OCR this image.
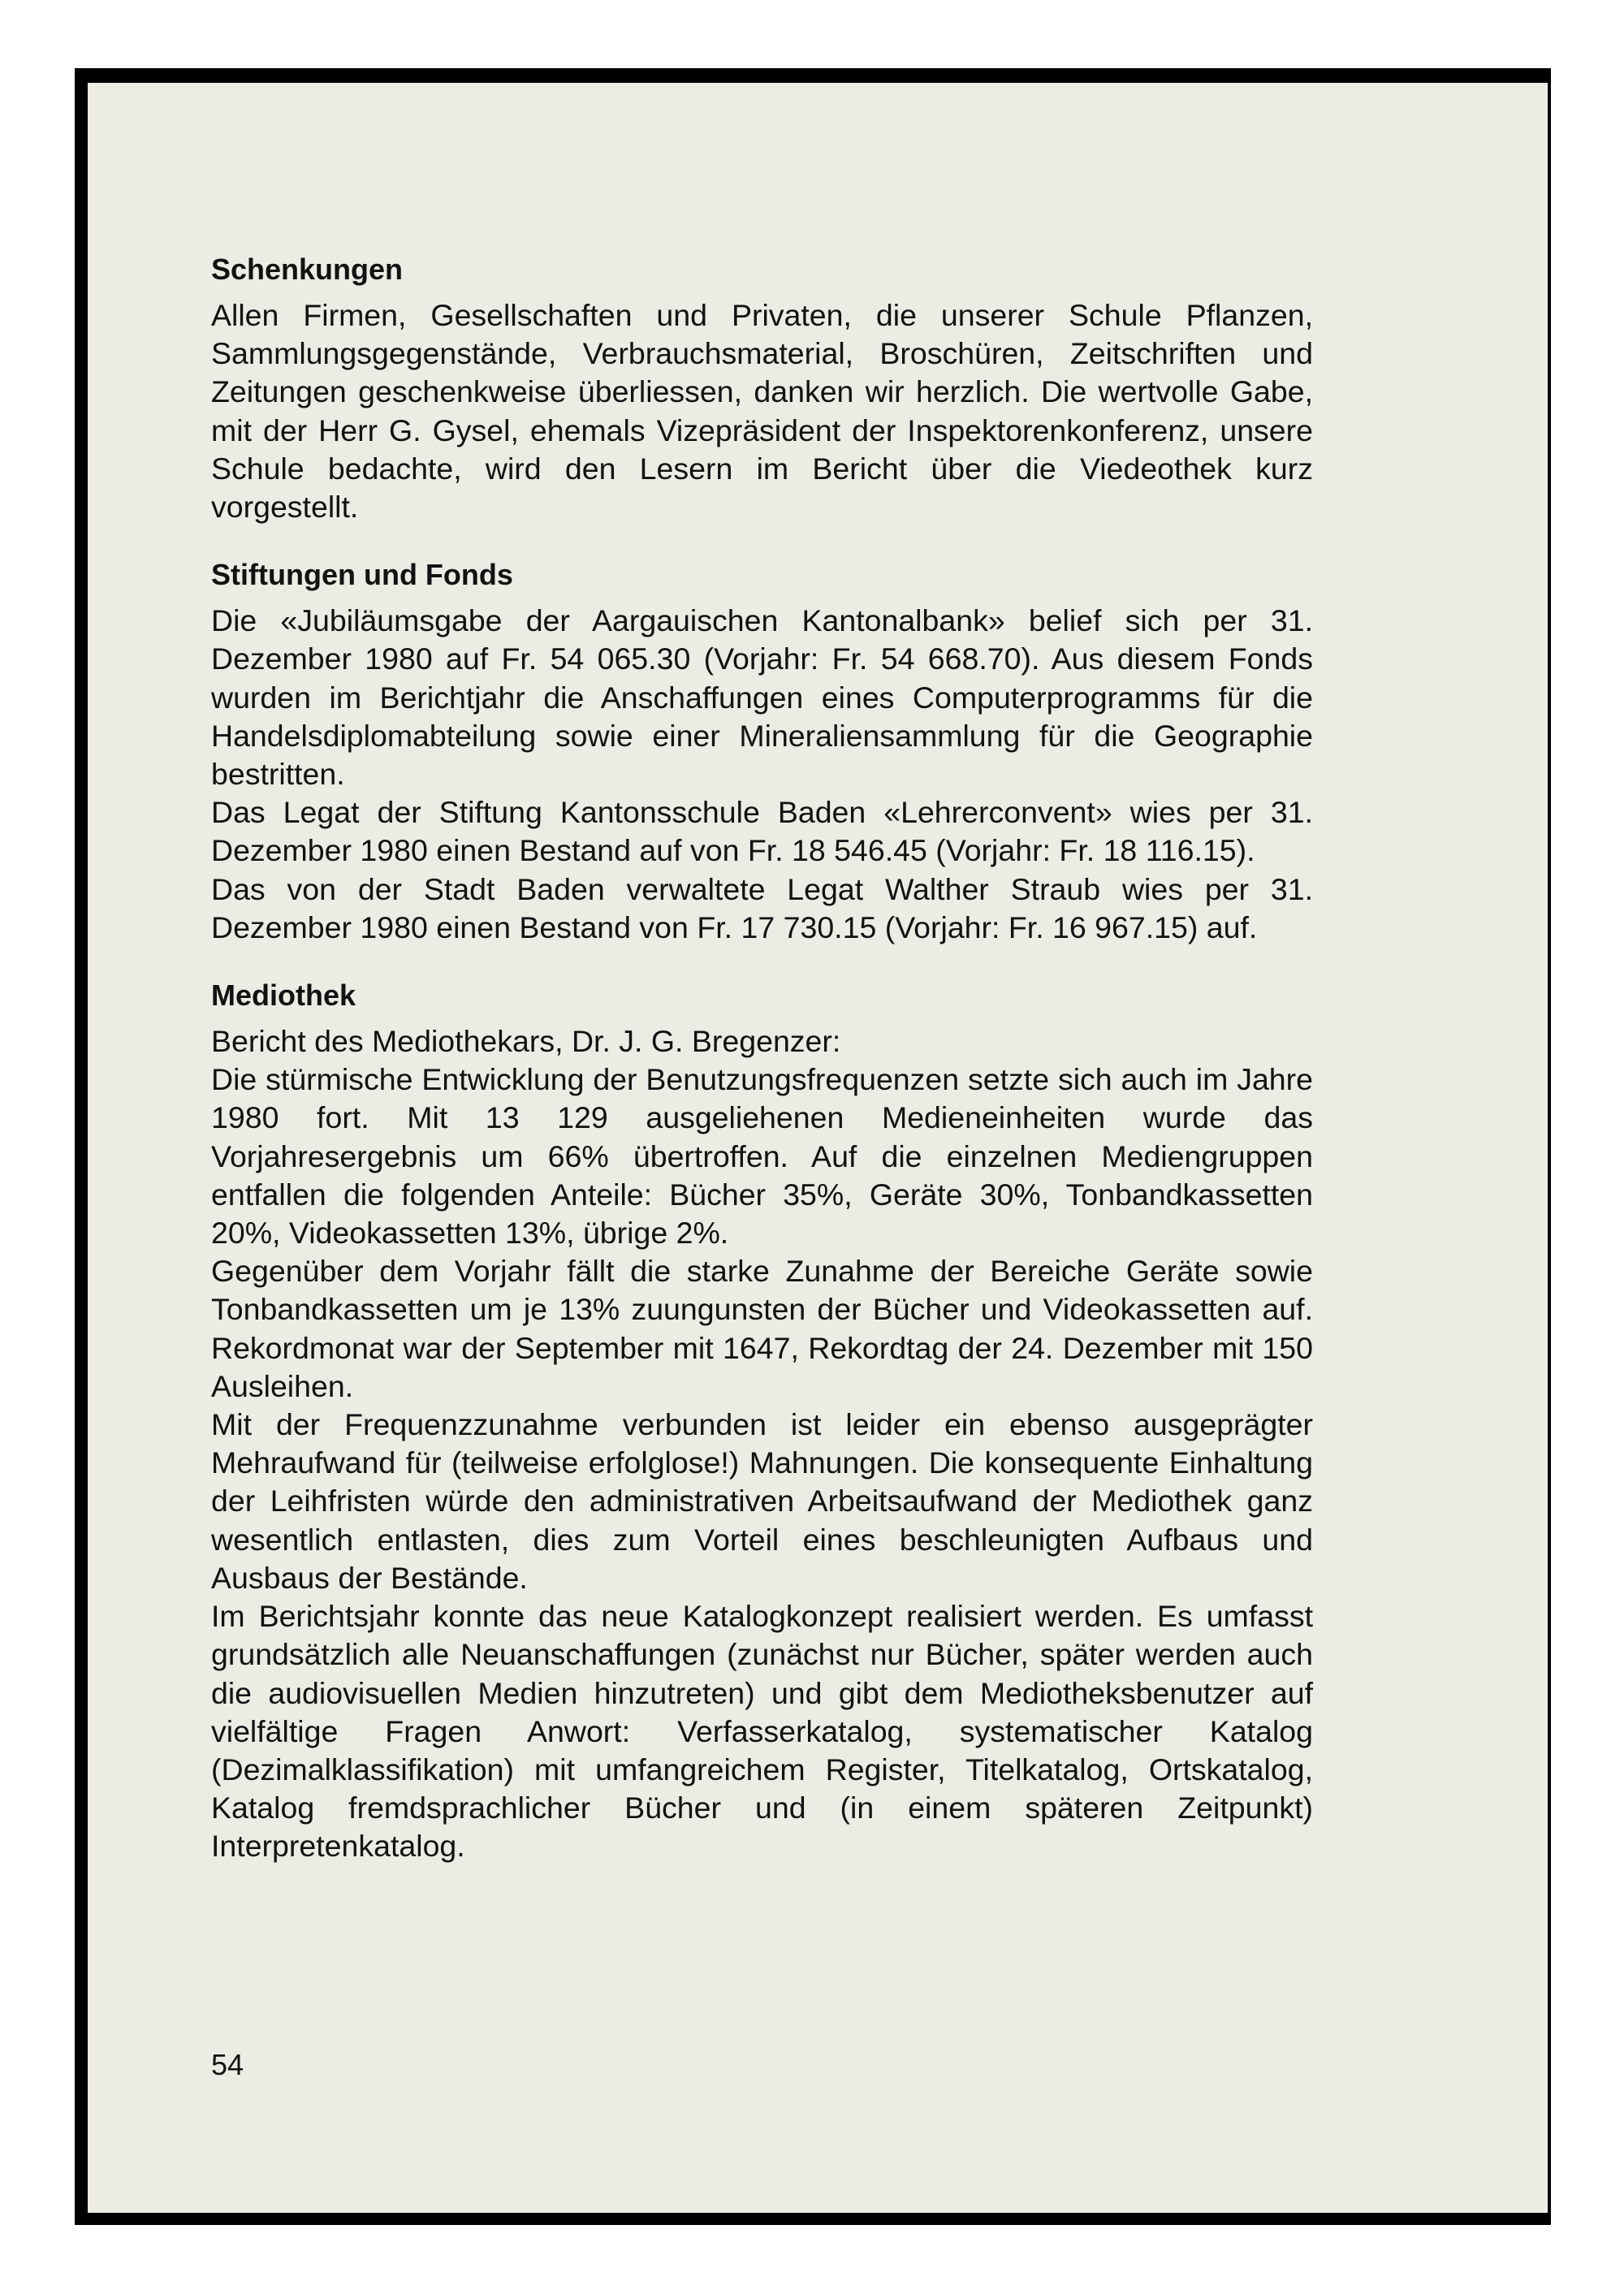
Schenkungen

Allen Firmen, Gesellschaften und Privaten, die unserer Schule Pflanzen, Sammlungsgegenstände, Verbrauchsmaterial, Broschüren, Zeitschriften und Zeitungen geschenkweise überliessen, danken wir herzlich. Die wertvolle Gabe, mit der Herr G. Gysel, ehemals Vizepräsident der Inspektorenkonferenz, unsere Schule bedachte, wird den Lesern im Bericht über die Viedeothek kurz vorgestellt.

Stiftungen und Fonds

Die «Jubiläumsgabe der Aargauischen Kantonalbank» belief sich per 31. Dezember 1980 auf Fr. 54 065.30 (Vorjahr: Fr. 54 668.70). Aus diesem Fonds wurden im Berichtjahr die Anschaffungen eines Computerprogramms für die Handelsdiplomabteilung sowie einer Mineraliensammlung für die Geographie bestritten.

Das Legat der Stiftung Kantonsschule Baden «Lehrerconvent» wies per 31. Dezember 1980 einen Bestand auf von Fr. 18 546.45 (Vorjahr: Fr. 18 116.15).

Das von der Stadt Baden verwaltete Legat Walther Straub wies per 31. Dezember 1980 einen Bestand von Fr. 17 730.15 (Vorjahr: Fr. 16 967.15) auf.

Mediothek

Bericht des Mediothekars, Dr. J. G. Bregenzer:

Die stürmische Entwicklung der Benutzungsfrequenzen setzte sich auch im Jahre 1980 fort. Mit 13 129 ausgeliehenen Medieneinheiten wurde das Vorjahresergebnis um 66% übertroffen. Auf die einzelnen Mediengruppen entfallen die folgenden Anteile: Bücher 35%, Geräte 30%, Tonbandkassetten 20%, Videokassetten 13%, übrige 2%.

Gegenüber dem Vorjahr fällt die starke Zunahme der Bereiche Geräte sowie Tonbandkassetten um je 13% zuungunsten der Bücher und Videokassetten auf. Rekordmonat war der September mit 1647, Rekordtag der 24. Dezember mit 150 Ausleihen.

Mit der Frequenzzunahme verbunden ist leider ein ebenso ausgeprägter Mehraufwand für (teilweise erfolglose!) Mahnungen. Die konsequente Einhaltung der Leihfristen würde den administrativen Arbeitsaufwand der Mediothek ganz wesentlich entlasten, dies zum Vorteil eines beschleunigten Aufbaus und Ausbaus der Bestände.

Im Berichtsjahr konnte das neue Katalogkonzept realisiert werden. Es umfasst grundsätzlich alle Neuanschaffungen (zunächst nur Bücher, später werden auch die audiovisuellen Medien hinzutreten) und gibt dem Mediotheksbenutzer auf vielfältige Fragen Anwort: Verfasserkatalog, systematischer Katalog (Dezimalklassifikation) mit umfangreichem Register, Titelkatalog, Ortskatalog, Katalog fremdsprachlicher Bücher und (in einem späteren Zeitpunkt) Interpretenkatalog.

54
